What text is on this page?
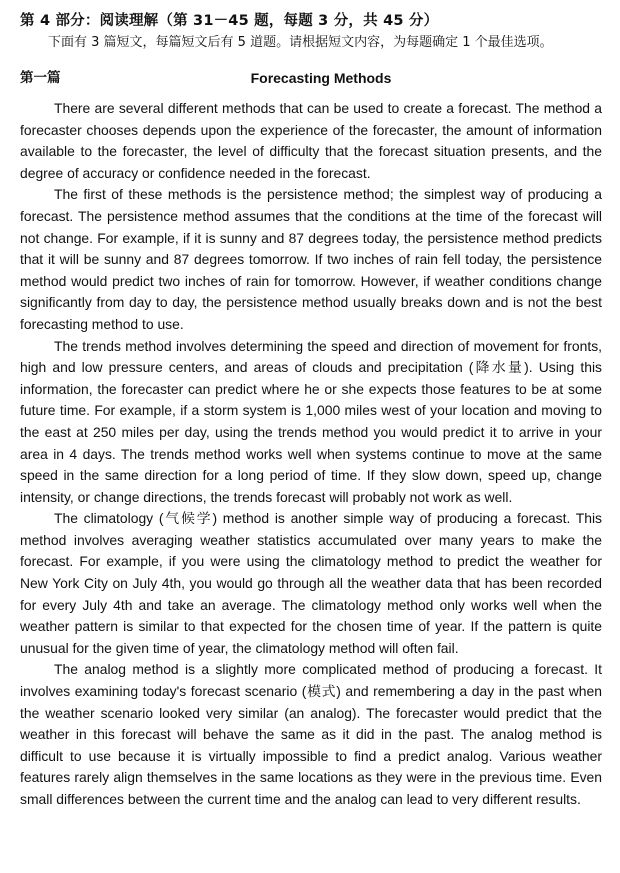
第 4 部分：阅读理解（第 31－45 题，每题 3 分，共 45 分）
下面有 3 篇短文，每篇短文后有 5 道题。请根据短文内容，为每题确定 1 个最佳选项。
第一篇	Forecasting Methods

There are several different methods that can be used to create a forecast. The method a forecaster chooses depends upon the experience of the forecaster, the amount of information available to the forecaster, the level of difficulty that the forecast situation presents, and the degree of accuracy or confidence needed in the forecast.

The first of these methods is the persistence method; the simplest way of producing a forecast. The persistence method assumes that the conditions at the time of the forecast will not change. For example, if it is sunny and 87 degrees today, the persistence method predicts that it will be sunny and 87 degrees tomorrow. If two inches of rain fell today, the persistence method would predict two inches of rain for tomorrow. However, if weather conditions change significantly from day to day, the persistence method usually breaks down and is not the best forecasting method to use.

The trends method involves determining the speed and direction of movement for fronts, high and low pressure centers, and areas of clouds and precipitation (降水量). Using this information, the forecaster can predict where he or she expects those features to be at some future time. For example, if a storm system is 1,000 miles west of your location and moving to the east at 250 miles per day, using the trends method you would predict it to arrive in your area in 4 days. The trends method works well when systems continue to move at the same speed in the same direction for a long period of time. If they slow down, speed up, change intensity, or change directions, the trends forecast will probably not work as well.

The climatology (气候学) method is another simple way of producing a forecast. This method involves averaging weather statistics accumulated over many years to make the forecast. For example, if you were using the climatology method to predict the weather for New York City on July 4th, you would go through all the weather data that has been recorded for every July 4th and take an average. The climatology method only works well when the weather pattern is similar to that expected for the chosen time of year. If the pattern is quite unusual for the given time of year, the climatology method will often fail.

The analog method is a slightly more complicated method of producing a forecast. It involves examining today's forecast scenario (模式) and remembering a day in the past when the weather scenario looked very similar (an analog). The forecaster would predict that the weather in this forecast will behave the same as it did in the past. The analog method is difficult to use because it is virtually impossible to find a predict analog. Various weather features rarely align themselves in the same locations as they were in the previous time. Even small differences between the current time and the analog can lead to very different results.
